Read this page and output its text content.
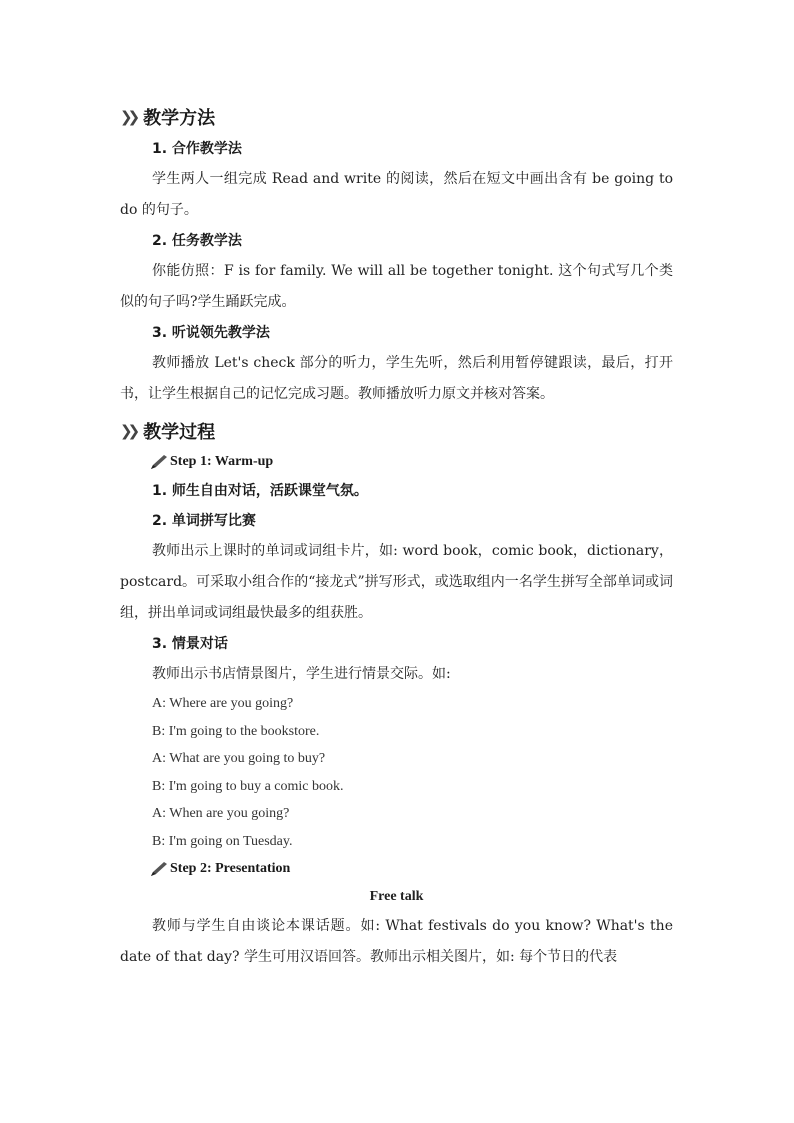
❯❯ 教学方法
1. 合作教学法

学生两人一组完成 Read and write 的阅读，然后在短文中画出含有 be going to do 的句子。

2. 任务教学法

你能仿照：F is for family. We will all be together tonight. 这个句式写几个类似的句子吗?学生踊跃完成。

3. 听说领先教学法

教师播放 Let's check 部分的听力，学生先听，然后利用暂停键跟读，最后，打开书，让学生根据自己的记忆完成习题。教师播放听力原文并核对答案。

❯❯ 教学过程
Step 1: Warm-up
1. 师生自由对话，活跃课堂气氛。
2. 单词拼写比赛

教师出示上课时的单词或词组卡片，如: word book，comic book，dictionary，postcard。可采取小组合作的“接龙式”拼写形式，或选取组内一名学生拼写全部单词或词组，拼出单词或词组最快最多的组获胜。

3. 情景对话

教师出示书店情景图片，学生进行情景交际。如:

A: Where are you going?
B: I'm going to the bookstore.
A: What are you going to buy?
B: I'm going to buy a comic book.
A: When are you going?
B: I'm going on Tuesday.
Step 2: Presentation
Free talk

教师与学生自由谈论本课话题。如: What festivals do you know? What's the date of that day? 学生可用汉语回答。教师出示相关图片，如: 每个节日的代表
